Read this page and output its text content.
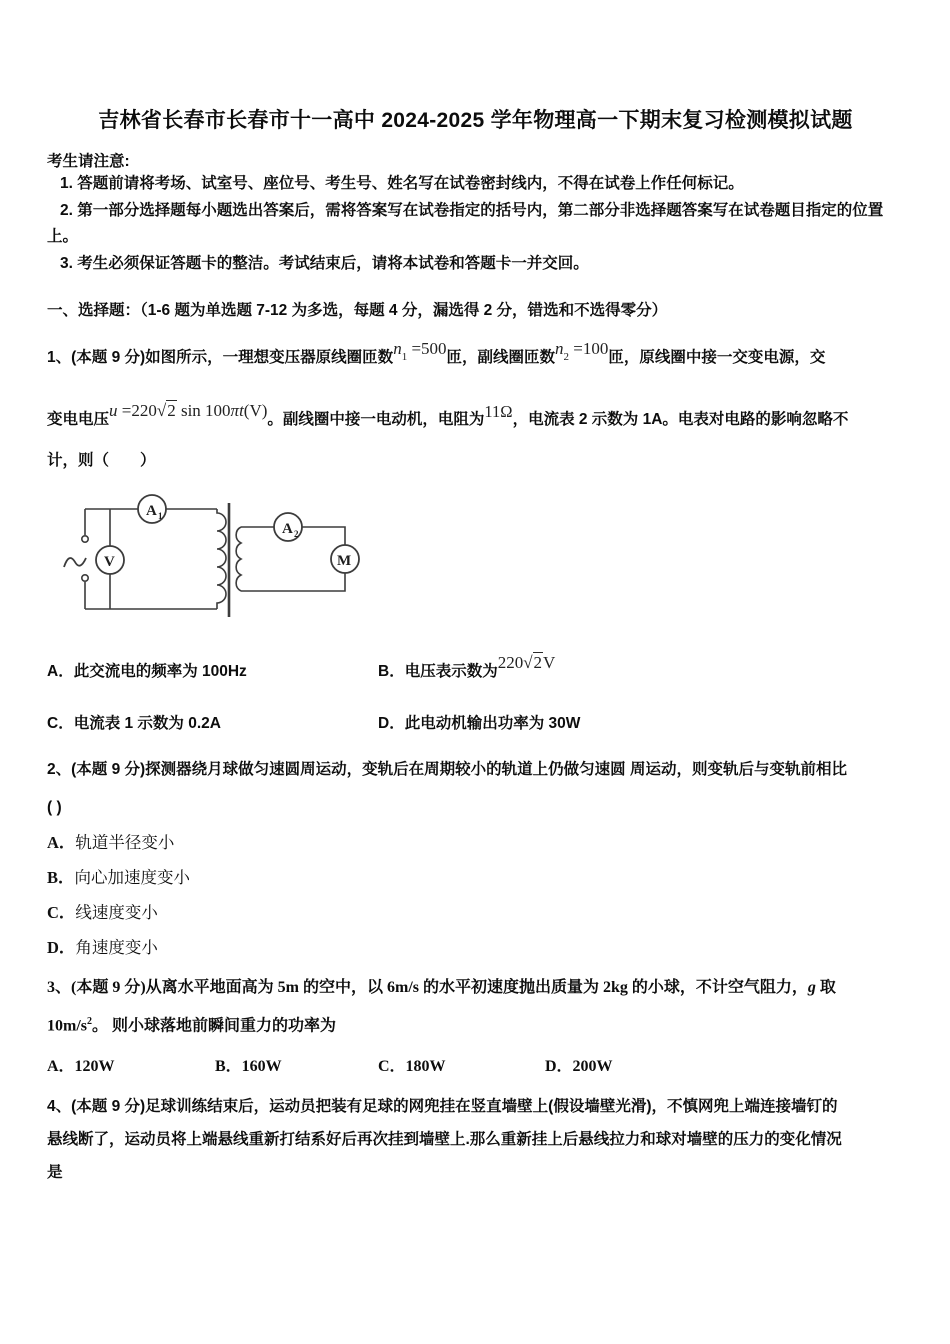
吉林省长春市长春市十一高中 2024-2025 学年物理高一下期末复习检测模拟试题
考生请注意:
1. 答题前请将考场、试室号、座位号、考生号、姓名写在试卷密封线内，不得在试卷上作任何标记。
2. 第一部分选择题每小题选出答案后，需将答案写在试卷指定的括号内，第二部分非选择题答案写在试卷题目指定的位置上。
3. 考生必须保证答题卡的整洁。考试结束后，请将本试卷和答题卡一并交回。
一、选择题：（1-6 题为单选题 7-12 为多选，每题 4 分，漏选得 2 分，错选和不选得零分）
1、(本题 9 分)如图所示，一理想变压器原线圈匝数$n_1 =500$匝，副线圈匝数$n_2 =100$匝，原线圈中接一交变电源，交
变电电压u =220√2 sin 100πt(V)。副线圈中接一电动机，电阻为11Ω，电流表 2 示数为 1A。电表对电路的影响忽略不
计，则（　　）
A 1
V
A 2
M
A．此交流电的频率为 100Hz	B．电压表示数为220√2V
C．电流表 1 示数为 0.2A	D．此电动机输出功率为 30W
2、(本题 9 分)探测器绕月球做匀速圆周运动，变轨后在周期较小的轨道上仍做匀速圆 周运动，则变轨后与变轨前相比
( )
A．轨道半径变小
B．向心加速度变小
C．线速度变小
D．角速度变小
3、(本题 9 分)从离水平地面高为 5m 的空中，以 6m/s 的水平初速度抛出质量为 2kg 的小球，不计空气阻力，g 取
$10m/s^2$。 则小球落地前瞬间重力的功率为
A．120W	B．160W	C．180W	D．200W
4、(本题 9 分)足球训练结束后，运动员把装有足球的网兜挂在竖直墙壁上(假设墙壁光滑)，不慎网兜上端连接墙钉的
悬线断了，运动员将上端悬线重新打结系好后再次挂到墙壁上.那么重新挂上后悬线拉力和球对墙壁的压力的变化情况
是
